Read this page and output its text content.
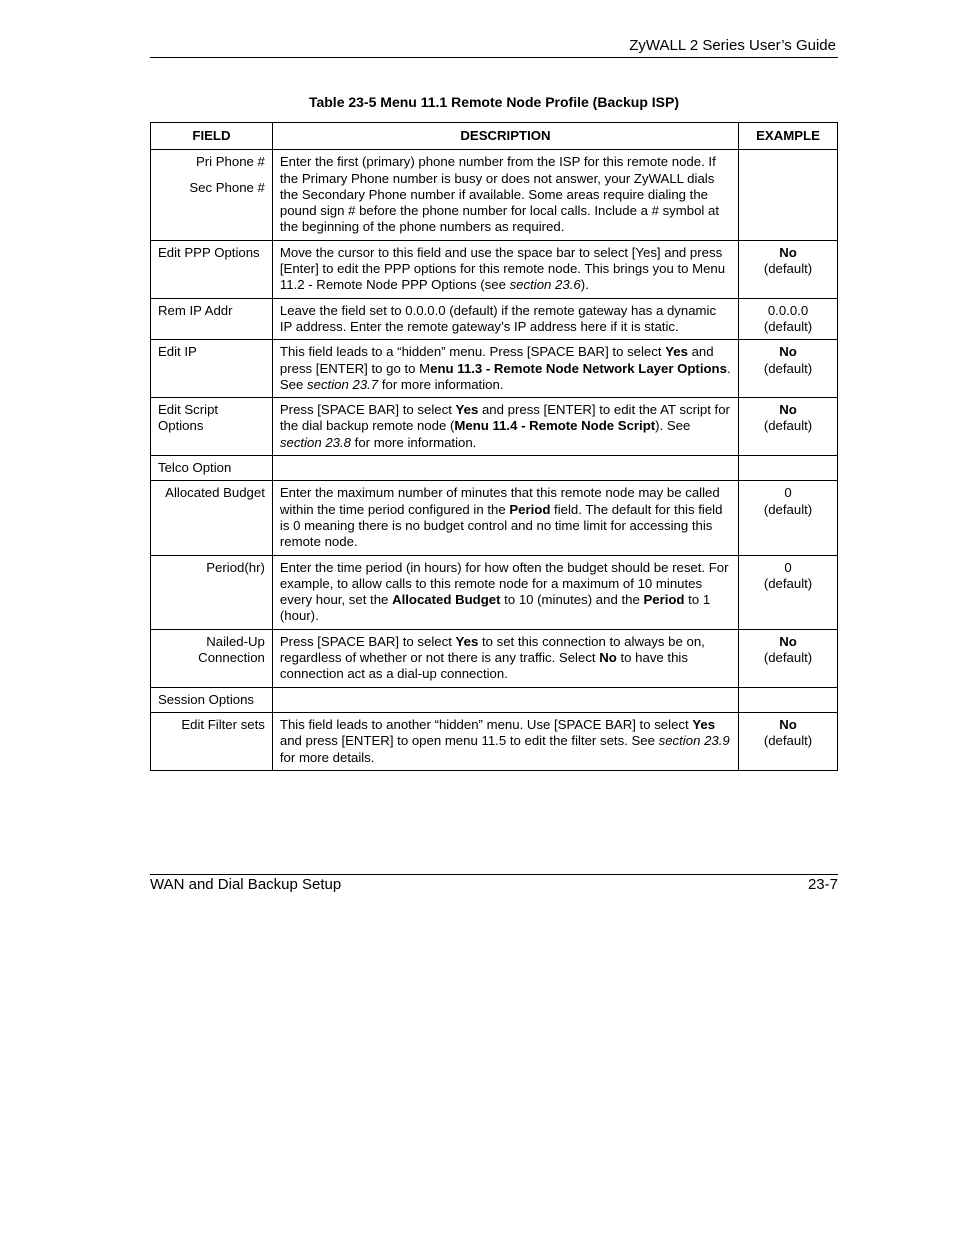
ZyWALL 2 Series User’s Guide
Table 23-5 Menu 11.1 Remote Node Profile (Backup ISP)
FIELD	DESCRIPTION	EXAMPLE
Pri Phone #
Sec Phone #	Enter the first (primary) phone number from the ISP for this remote node. If the Primary Phone number is busy or does not answer, your ZyWALL dials the Secondary Phone number if available. Some areas require dialing the pound sign # before the phone number for local calls. Include a # symbol at the beginning of the phone numbers as required.	
Edit PPP Options	Move the cursor to this field and use the space bar to select [Yes] and press [Enter] to edit the PPP options for this remote node. This brings you to Menu 11.2 - Remote Node PPP Options (see section 23.6).	No
(default)
Rem IP Addr	Leave the field set to 0.0.0.0 (default) if the remote gateway has a dynamic IP address. Enter the remote gateway’s IP address here if it is static.	0.0.0.0
(default)
Edit IP	This field leads to a “hidden” menu. Press [SPACE BAR] to select Yes and press [ENTER] to go to Menu 11.3 - Remote Node Network Layer Options. See section 23.7 for more information.	No
(default)
Edit Script Options	Press [SPACE BAR] to select Yes and press [ENTER] to edit the AT script for the dial backup remote node (Menu 11.4 - Remote Node Script). See section 23.8 for more information.	No
(default)
Telco Option		
Allocated Budget	Enter the maximum number of minutes that this remote node may be called within the time period configured in the Period field. The default for this field is 0 meaning there is no budget control and no time limit for accessing this remote node.	0
(default)
Period(hr)	Enter the time period (in hours) for how often the budget should be reset. For example, to allow calls to this remote node for a maximum of 10 minutes every hour, set the Allocated Budget to 10 (minutes) and the Period to 1 (hour).	0
(default)
Nailed-Up Connection	Press [SPACE BAR] to select Yes to set this connection to always be on, regardless of whether or not there is any traffic. Select No to have this connection act as a dial-up connection.	No
(default)
Session Options		
Edit Filter sets	This field leads to another “hidden” menu. Use [SPACE BAR] to select Yes and press [ENTER] to open menu 11.5 to edit the filter sets. See section 23.9 for more details.	No
(default)
WAN and Dial Backup Setup	23-7
